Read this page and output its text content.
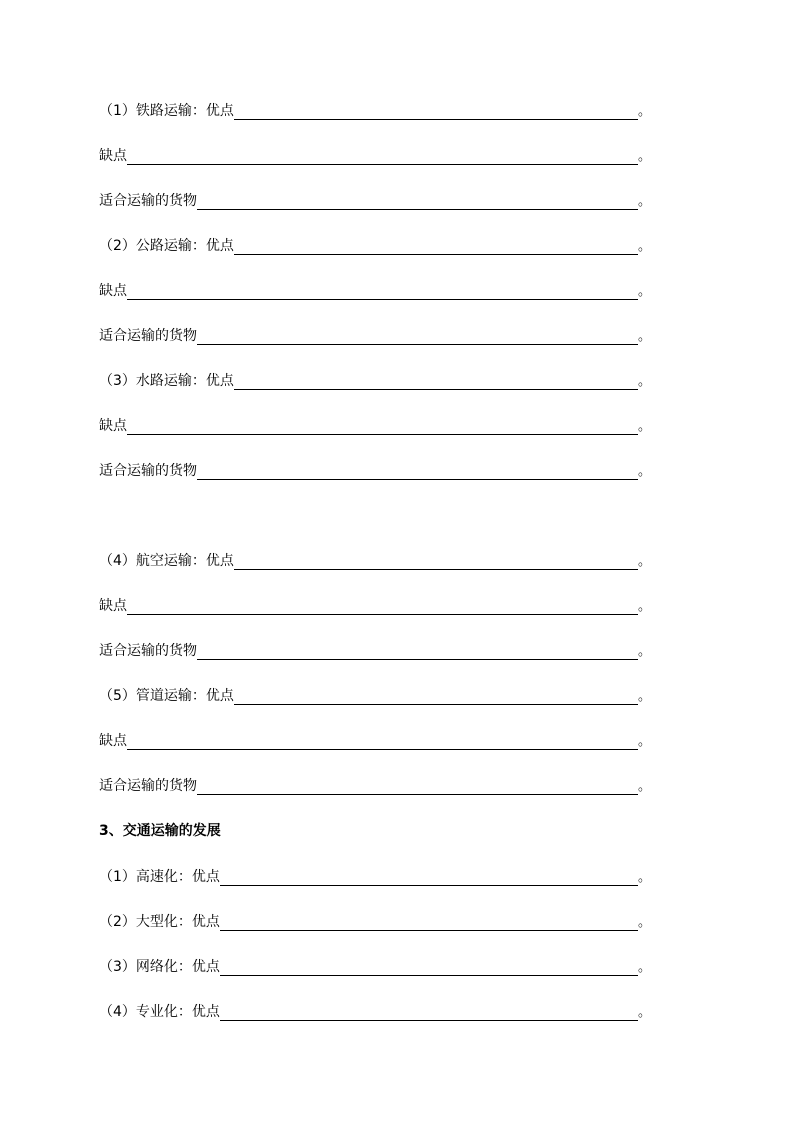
（1）铁路运输：优点	。
缺点	。
适合运输的货物	。
（2）公路运输：优点	。
缺点	。
适合运输的货物	。
（3）水路运输：优点	。
缺点	。
适合运输的货物	。
（4）航空运输：优点	。
缺点	。
适合运输的货物	。
（5）管道运输：优点	。
缺点	。
适合运输的货物	。
3、交通运输的发展
（1）高速化：优点	。
（2）大型化：优点	。
（3）网络化：优点	。
（4）专业化：优点	。
